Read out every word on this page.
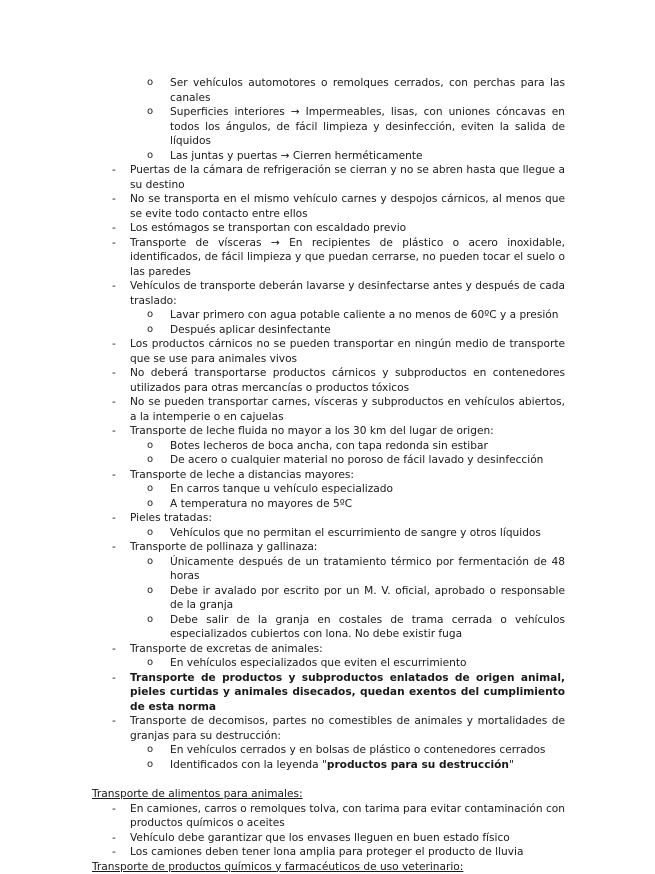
o Ser vehículos automotores o remolques cerrados, con perchas para las canales
o Superficies interiores → Impermeables, lisas, con uniones cóncavas en todos los ángulos, de fácil limpieza y desinfección, eviten la salida de líquidos
o Las juntas y puertas → Cierren herméticamente
- Puertas de la cámara de refrigeración se cierran y no se abren hasta que llegue a su destino
- No se transporta en el mismo vehículo carnes y despojos cárnicos, al menos que se evite todo contacto entre ellos
- Los estómagos se transportan con escaldado previo
- Transporte de vísceras → En recipientes de plástico o acero inoxidable, identificados, de fácil limpieza y que puedan cerrarse, no pueden tocar el suelo o las paredes
- Vehículos de transporte deberán lavarse y desinfectarse antes y después de cada traslado:
o Lavar primero con agua potable caliente a no menos de 60ºC y a presión
o Después aplicar desinfectante
- Los productos cárnicos no se pueden transportar en ningún medio de transporte que se use para animales vivos
- No deberá transportarse productos cárnicos y subproductos en contenedores utilizados para otras mercancías o productos tóxicos
- No se pueden transportar carnes, vísceras y subproductos en vehículos abiertos, a la intemperie o en cajuelas
- Transporte de leche fluida no mayor a los 30 km del lugar de origen:
o Botes lecheros de boca ancha, con tapa redonda sin estibar
o De acero o cualquier material no poroso de fácil lavado y desinfección
- Transporte de leche a distancias mayores:
o En carros tanque u vehículo especializado
o A temperatura no mayores de 5ºC
- Pieles tratadas:
o Vehículos que no permitan el escurrimiento de sangre y otros líquidos
- Transporte de pollinaza y gallinaza:
o Únicamente después de un tratamiento térmico por fermentación de 48 horas
o Debe ir avalado por escrito por un M. V. oficial, aprobado o responsable de la granja
o Debe salir de la granja en costales de trama cerrada o vehículos especializados cubiertos con lona. No debe existir fuga
- Transporte de excretas de animales:
o En vehículos especializados que eviten el escurrimiento
- Transporte de productos y subproductos enlatados de origen animal, pieles curtidas y animales disecados, quedan exentos del cumplimiento de esta norma
- Transporte de decomisos, partes no comestibles de animales y mortalidades de granjas para su destrucción:
o En vehículos cerrados y en bolsas de plástico o contenedores cerrados
o Identificados con la leyenda "productos para su destrucción"
Transporte de alimentos para animales:
- En camiones, carros o remolques tolva, con tarima para evitar contaminación con productos químicos o aceites
- Vehículo debe garantizar que los envases lleguen en buen estado físico
- Los camiones deben tener lona amplia para proteger el producto de lluvia
Transporte de productos químicos y farmacéuticos de uso veterinario:
